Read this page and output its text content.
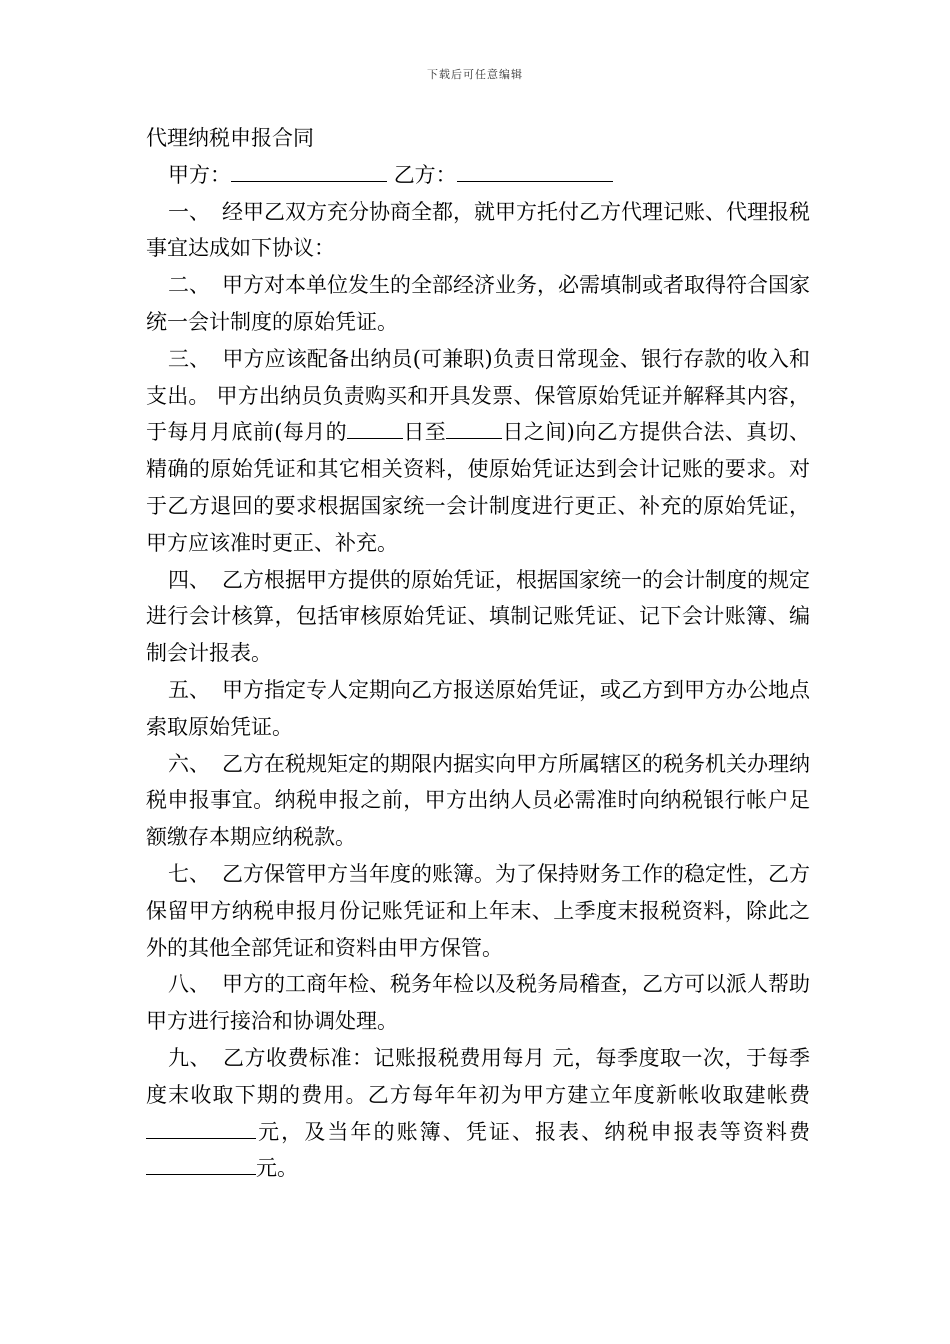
下载后可任意编辑
代理纳税申报合同
甲方：	乙方：

一、 经甲乙双方充分协商全都，就甲方托付乙方代理记账、代理报税事宜达成如下协议：

二、 甲方对本单位发生的全部经济业务，必需填制或者取得符合国家统一会计制度的原始凭证。

三、 甲方应该配备出纳员(可兼职)负责日常现金、银行存款的收入和支出。 甲方出纳员负责购买和开具发票、保管原始凭证并解释其内容，于每月月底前(每月的	日至	日之间)向乙方提供合法、真切、精确的原始凭证和其它相关资料，使原始凭证达到会计记账的要求。对于乙方退回的要求根据国家统一会计制度进行更正、补充的原始凭证，甲方应该准时更正、补充。

四、 乙方根据甲方提供的原始凭证，根据国家统一的会计制度的规定进行会计核算，包括审核原始凭证、填制记账凭证、记下会计账簿、编制会计报表。

五、 甲方指定专人定期向乙方报送原始凭证，或乙方到甲方办公地点索取原始凭证。

六、 乙方在税规矩定的期限内据实向甲方所属辖区的税务机关办理纳税申报事宜。纳税申报之前，甲方出纳人员必需准时向纳税银行帐户足额缴存本期应纳税款。

七、 乙方保管甲方当年度的账簿。为了保持财务工作的稳定性，乙方保留甲方纳税申报月份记账凭证和上年末、上季度末报税资料，除此之外的其他全部凭证和资料由甲方保管。

八、 甲方的工商年检、税务年检以及税务局稽查，乙方可以派人帮助甲方进行接洽和协调处理。

九、 乙方收费标准：记账报税费用每月 元，每季度取一次，于每季度末收取下期的费用。乙方每年年初为甲方建立年度新帐收取建帐费元，及当年的账簿、凭证、报表、纳税申报表等资料费元。
